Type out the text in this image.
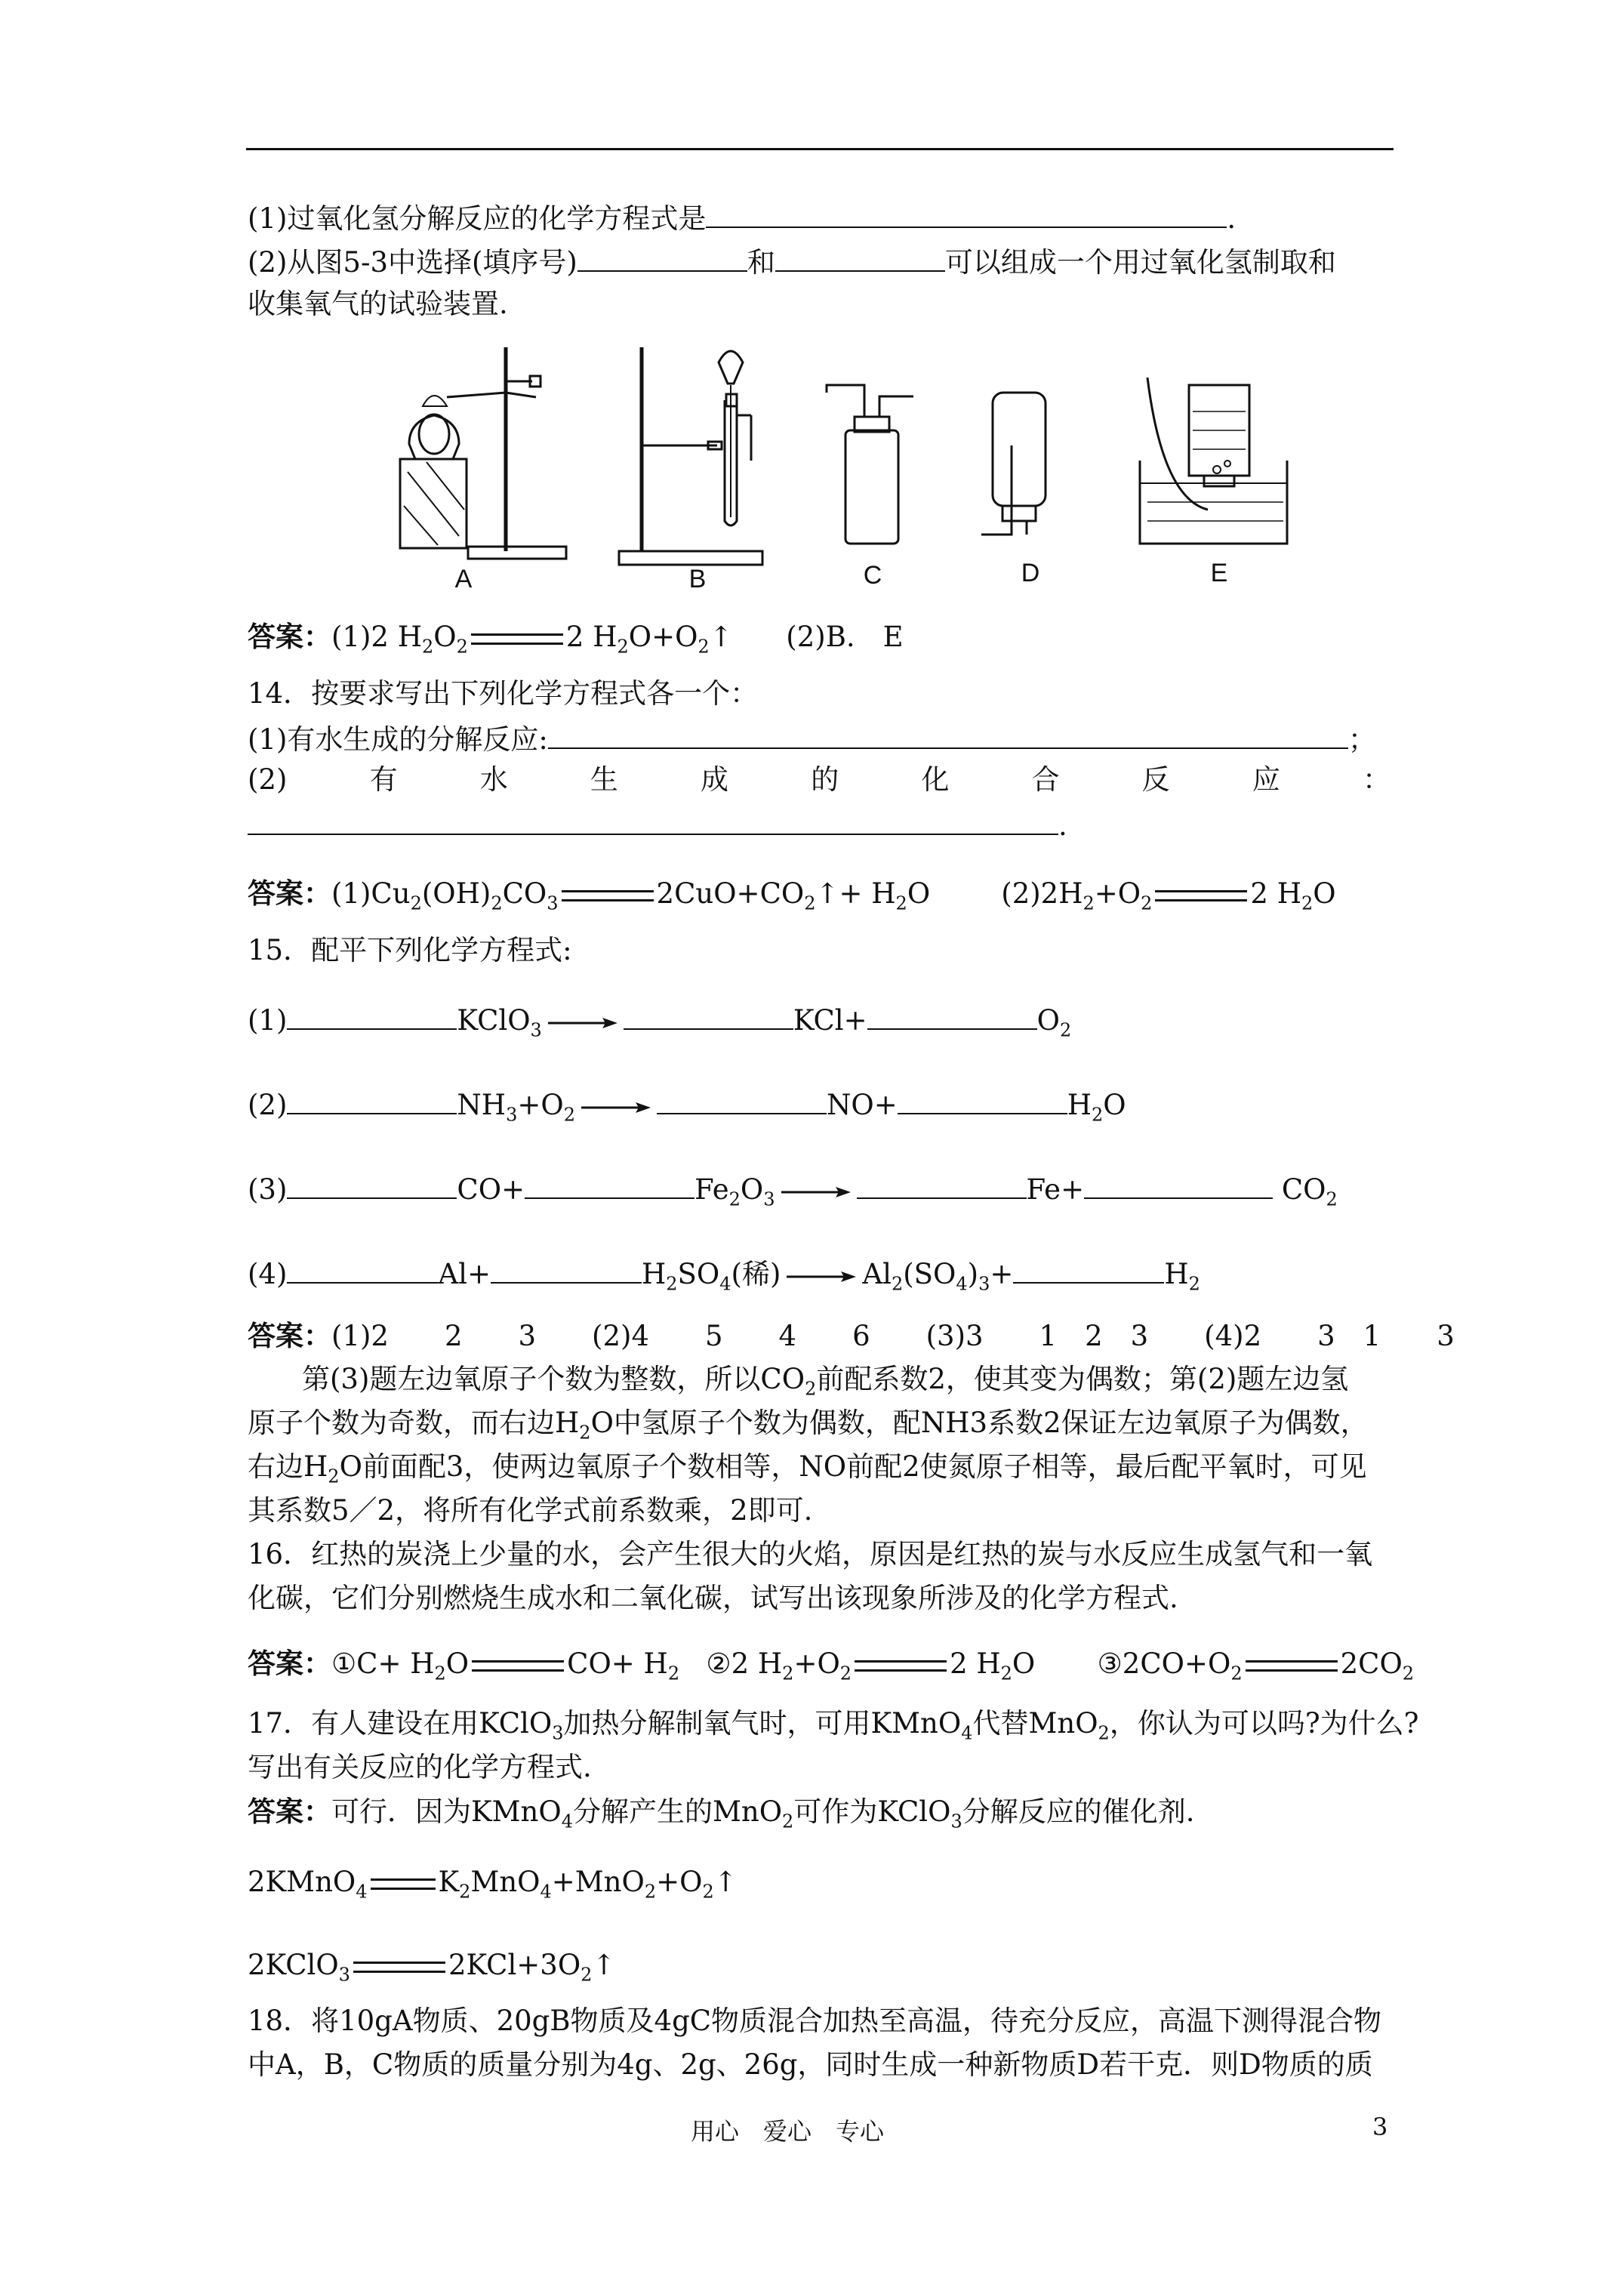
(1)过氧化氢分解反应的化学方程式是	.
(2)从图5-3中选择(填序号)	和	可以组成一个用过氧化氢制取和
收集氧气的试验装置.
A	B	C	D	E
答案：(1)2 $H_2O_2$	2 $H_2O+O_2↑$ (2)B.　E
14．按要求写出下列化学方程式各一个：
(1)有水生成的分解反应:	；
(2)	有	水	生	成	的	化	合	反	应	：
.
答案：$(1)Cu_2(OH)_2CO_3$	$2CuO+CO_2↑+ H_2O$	$(2)2H_2+O_2$	2 $H_2O$
15．配平下列化学方程式:
(1)	KClO$_3$ →	KCl+	$O_2$
(2)	$NH_3+O_2$ →	NO+	$H_2O$
(3)	CO+	$Fe_2O_3$ →	Fe+	$CO_2$
(4)	Al+	$H_2SO_4$(稀) → $Al_2(SO_4)_3+$	$H_2$
答案：(1)2　　2　　3　　(2)4　　5　　4　　6　　(3)3　　1　2　3　　(4)2　　3　1　　3
第(3)题左边氧原子个数为整数，所以$CO_2$前配系数2，使其变为偶数；第(2)题左边氢
原子个数为奇数，而右边$H_2O$中氢原子个数为偶数，配NH3系数2保证左边氧原子为偶数，
右边$H_2O$前面配3，使两边氧原子个数相等，NO前配2使氮原子相等，最后配平氧时，可见
其系数5／2，将所有化学式前系数乘，2即可.
16．红热的炭浇上少量的水，会产生很大的火焰，原因是红热的炭与水反应生成氢气和一氧
化碳，它们分别燃烧生成水和二氧化碳，试写出该现象所涉及的化学方程式.
答案：①C+ $H_2O$	$CO+ H_2$ ②2 $H_2+O_2$	2 $H_2O$ $③2CO+O_2$	$2CO_2$
17．有人建设在用KClO$_3$加热分解制氧气时，可用KMnO$_4$代替MnO$_2$，你认为可以吗?为什么?
写出有关反应的化学方程式.
答案：可行．因为KMnO$_4$分解产生的MnO$_2$可作为KClO$_3$分解反应的催化剂.
2KMnO$_4$	$K_2MnO_4+MnO_2+O_2↑$
2KClO$_3$	$2KCl+3O_2↑$
18．将10gA物质、20gB物质及4gC物质混合加热至高温，待充分反应，高温下测得混合物
中A，B，C物质的质量分别为4g、2g、26g，同时生成一种新物质D若干克．则D物质的质
用心　爱心　专心	3
